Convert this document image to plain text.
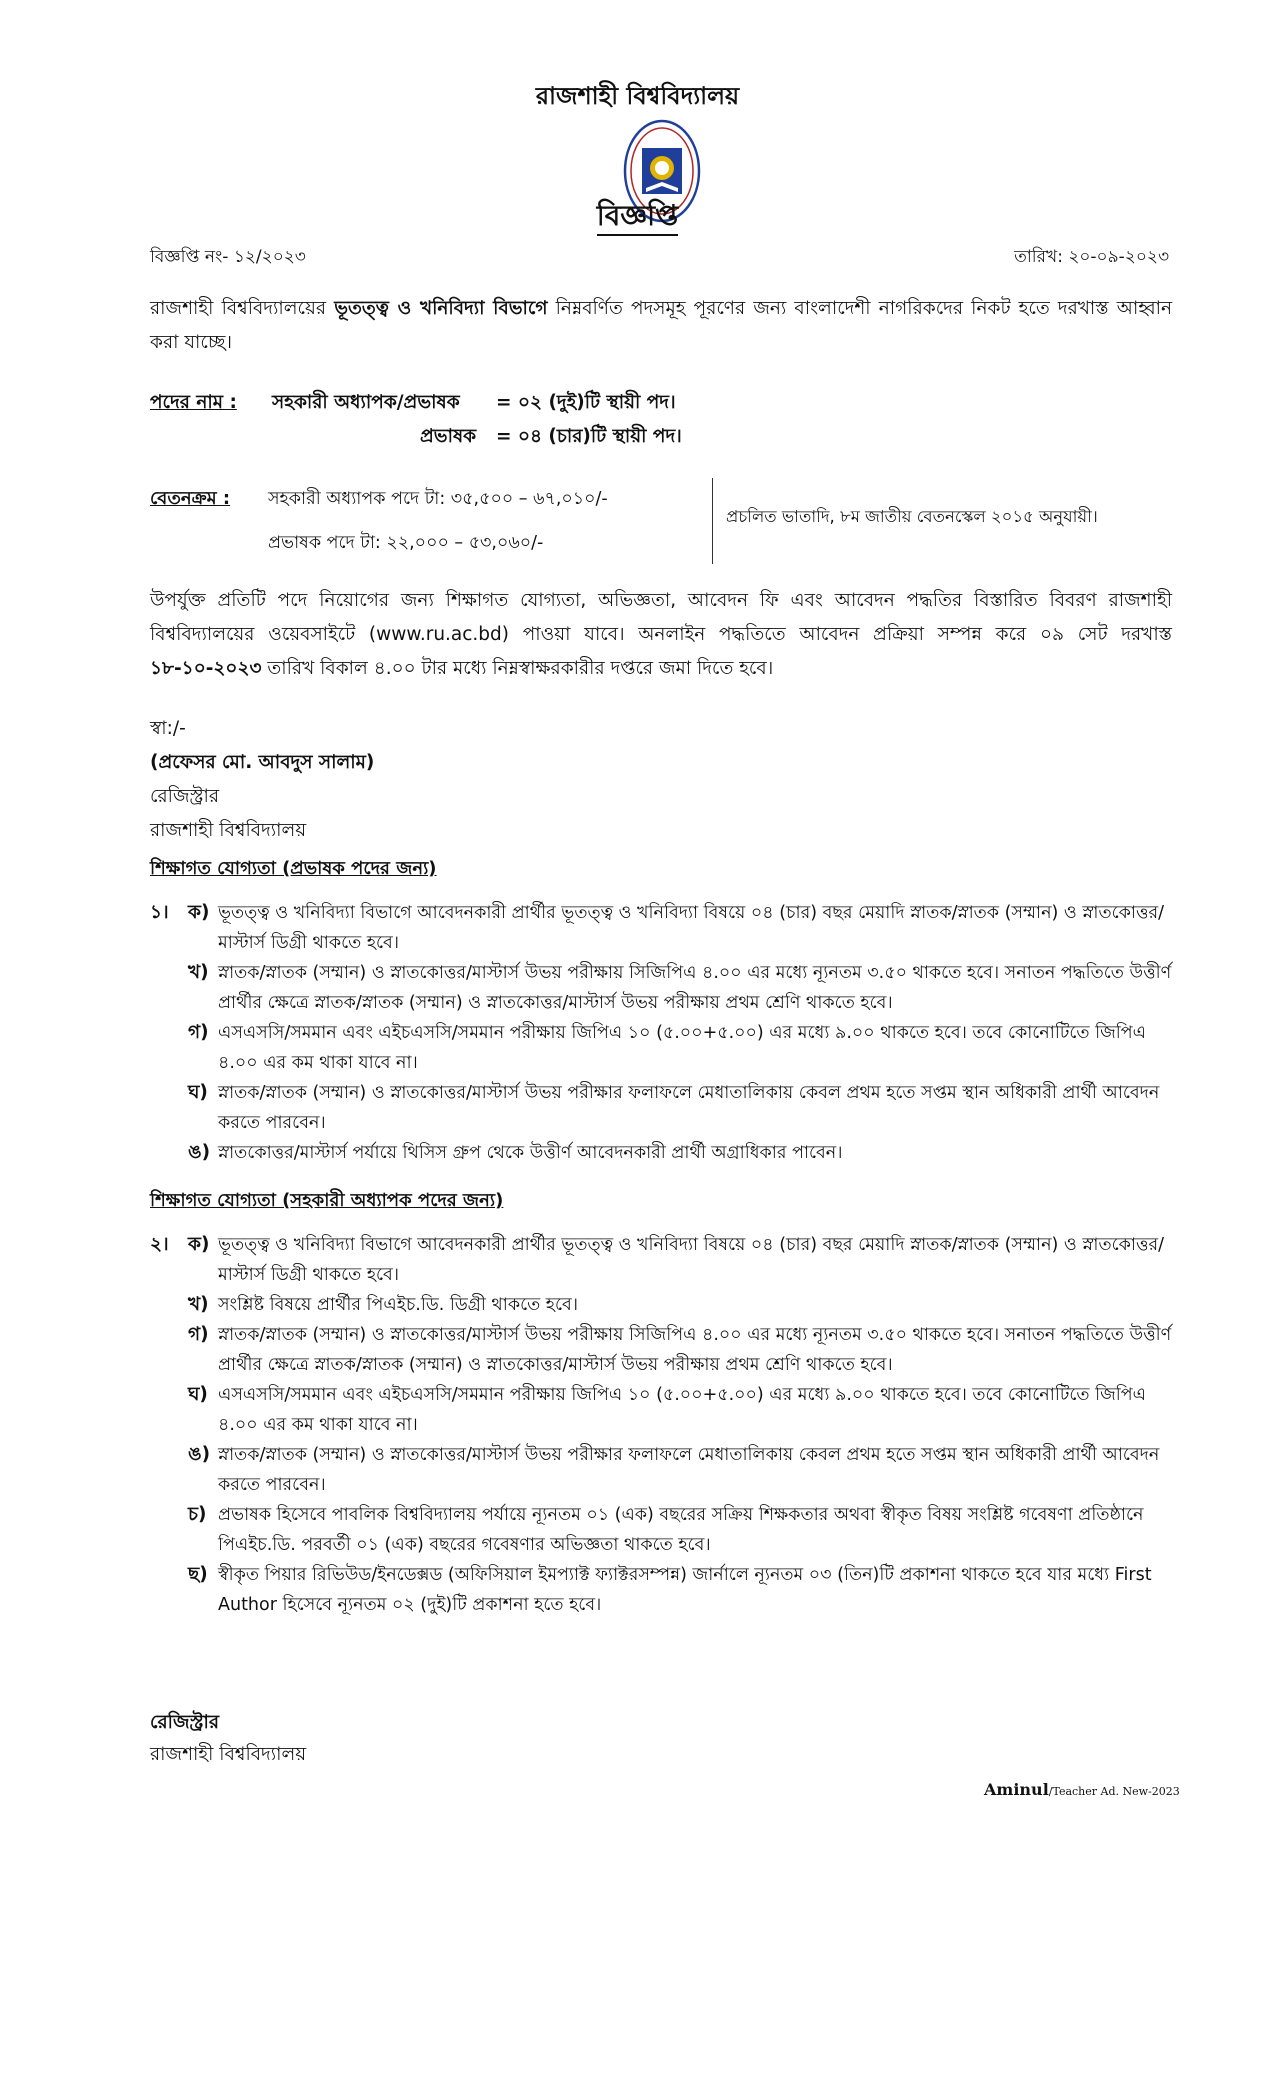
রাজশাহী বিশ্ববিদ্যালয়
বিজ্ঞপ্তি
বিজ্ঞপ্তি নং- ১২/২০২৩	তারিখ: ২০-০৯-২০২৩
রাজশাহী বিশ্ববিদ্যালয়ের ভূতত্ত্ব ও খনিবিদ্যা বিভাগে নিম্নবর্ণিত পদসমূহ পূরণের জন্য বাংলাদেশী নাগরিকদের নিকট হতে দরখাস্ত আহ্বান করা যাচ্ছে।
পদের নাম : সহকারী অধ্যাপক/প্রভাষক = ০২ (দুই)টি স্থায়ী পদ।
প্রভাষক = ০৪ (চার)টি স্থায়ী পদ।
বেতনক্রম : সহকারী অধ্যাপক পদে টা: ৩৫,৫০০ – ৬৭,০১০/-
প্রভাষক পদে টা: ২২,০০০ – ৫৩,০৬০/-
প্রচলিত ভাতাদি, ৮ম জাতীয় বেতনস্কেল ২০১৫ অনুযায়ী।
উপর্যুক্ত প্রতিটি পদে নিয়োগের জন্য শিক্ষাগত যোগ্যতা, অভিজ্ঞতা, আবেদন ফি এবং আবেদন পদ্ধতির বিস্তারিত বিবরণ রাজশাহী বিশ্ববিদ্যালয়ের ওয়েবসাইটে (www.ru.ac.bd) পাওয়া যাবে। অনলাইন পদ্ধতিতে আবেদন প্রক্রিয়া সম্পন্ন করে ০৯ সেট দরখাস্ত ১৮-১০-২০২৩ তারিখ বিকাল ৪.০০ টার মধ্যে নিম্নস্বাক্ষরকারীর দপ্তরে জমা দিতে হবে।
স্বা:/-
(প্রফেসর মো. আবদুস সালাম)
রেজিস্ট্রার
রাজশাহী বিশ্ববিদ্যালয়
শিক্ষাগত যোগ্যতা (প্রভাষক পদের জন্য)
১। ক) ভূতত্ত্ব ও খনিবিদ্যা বিভাগে আবেদনকারী প্রার্থীর ভূতত্ত্ব ও খনিবিদ্যা বিষয়ে ০৪ (চার) বছর মেয়াদি স্নাতক/স্নাতক (সম্মান) ও স্নাতকোত্তর/মাস্টার্স ডিগ্রী থাকতে হবে।
খ) স্নাতক/স্নাতক (সম্মান) ও স্নাতকোত্তর/মাস্টার্স উভয় পরীক্ষায় সিজিপিএ ৪.০০ এর মধ্যে ন্যূনতম ৩.৫০ থাকতে হবে। সনাতন পদ্ধতিতে উত্তীর্ণ প্রার্থীর ক্ষেত্রে স্নাতক/স্নাতক (সম্মান) ও স্নাতকোত্তর/মাস্টার্স উভয় পরীক্ষায় প্রথম শ্রেণি থাকতে হবে।
গ) এসএসসি/সমমান এবং এইচএসসি/সমমান পরীক্ষায় জিপিএ ১০ (৫.০০+৫.০০) এর মধ্যে ৯.০০ থাকতে হবে। তবে কোনোটিতে জিপিএ ৪.০০ এর কম থাকা যাবে না।
ঘ) স্নাতক/স্নাতক (সম্মান) ও স্নাতকোত্তর/মাস্টার্স উভয় পরীক্ষার ফলাফলে মেধাতালিকায় কেবল প্রথম হতে সপ্তম স্থান অধিকারী প্রার্থী আবেদন করতে পারবেন।
ঙ) স্নাতকোত্তর/মাস্টার্স পর্যায়ে থিসিস গ্রুপ থেকে উত্তীর্ণ আবেদনকারী প্রার্থী অগ্রাধিকার পাবেন।
শিক্ষাগত যোগ্যতা (সহকারী অধ্যাপক পদের জন্য)
২। ক) ভূতত্ত্ব ও খনিবিদ্যা বিভাগে আবেদনকারী প্রার্থীর ভূতত্ত্ব ও খনিবিদ্যা বিষয়ে ০৪ (চার) বছর মেয়াদি স্নাতক/স্নাতক (সম্মান) ও স্নাতকোত্তর/মাস্টার্স ডিগ্রী থাকতে হবে।
খ) সংশ্লিষ্ট বিষয়ে প্রার্থীর পিএইচ.ডি. ডিগ্রী থাকতে হবে।
গ) স্নাতক/স্নাতক (সম্মান) ও স্নাতকোত্তর/মাস্টার্স উভয় পরীক্ষায় সিজিপিএ ৪.০০ এর মধ্যে ন্যূনতম ৩.৫০ থাকতে হবে। সনাতন পদ্ধতিতে উত্তীর্ণ প্রার্থীর ক্ষেত্রে স্নাতক/স্নাতক (সম্মান) ও স্নাতকোত্তর/মাস্টার্স উভয় পরীক্ষায় প্রথম শ্রেণি থাকতে হবে।
ঘ) এসএসসি/সমমান এবং এইচএসসি/সমমান পরীক্ষায় জিপিএ ১০ (৫.০০+৫.০০) এর মধ্যে ৯.০০ থাকতে হবে। তবে কোনোটিতে জিপিএ ৪.০০ এর কম থাকা যাবে না।
ঙ) স্নাতক/স্নাতক (সম্মান) ও স্নাতকোত্তর/মাস্টার্স উভয় পরীক্ষার ফলাফলে মেধাতালিকায় কেবল প্রথম হতে সপ্তম স্থান অধিকারী প্রার্থী আবেদন করতে পারবেন।
চ) প্রভাষক হিসেবে পাবলিক বিশ্ববিদ্যালয় পর্যায়ে ন্যূনতম ০১ (এক) বছরের সক্রিয় শিক্ষকতার অথবা স্বীকৃত বিষয় সংশ্লিষ্ট গবেষণা প্রতিষ্ঠানে পিএইচ.ডি. পরবর্তী ০১ (এক) বছরের গবেষণার অভিজ্ঞতা থাকতে হবে।
ছ) স্বীকৃত পিয়ার রিভিউড/ইনডেক্সড (অফিসিয়াল ইমপ্যাক্ট ফ্যাক্টরসম্পন্ন) জার্নালে ন্যূনতম ০৩ (তিন)টি প্রকাশনা থাকতে হবে যার মধ্যে First Author হিসেবে ন্যূনতম ০২ (দুই)টি প্রকাশনা হতে হবে।
রেজিস্ট্রার
রাজশাহী বিশ্ববিদ্যালয়
Aminul/Teacher Ad. New-2023
